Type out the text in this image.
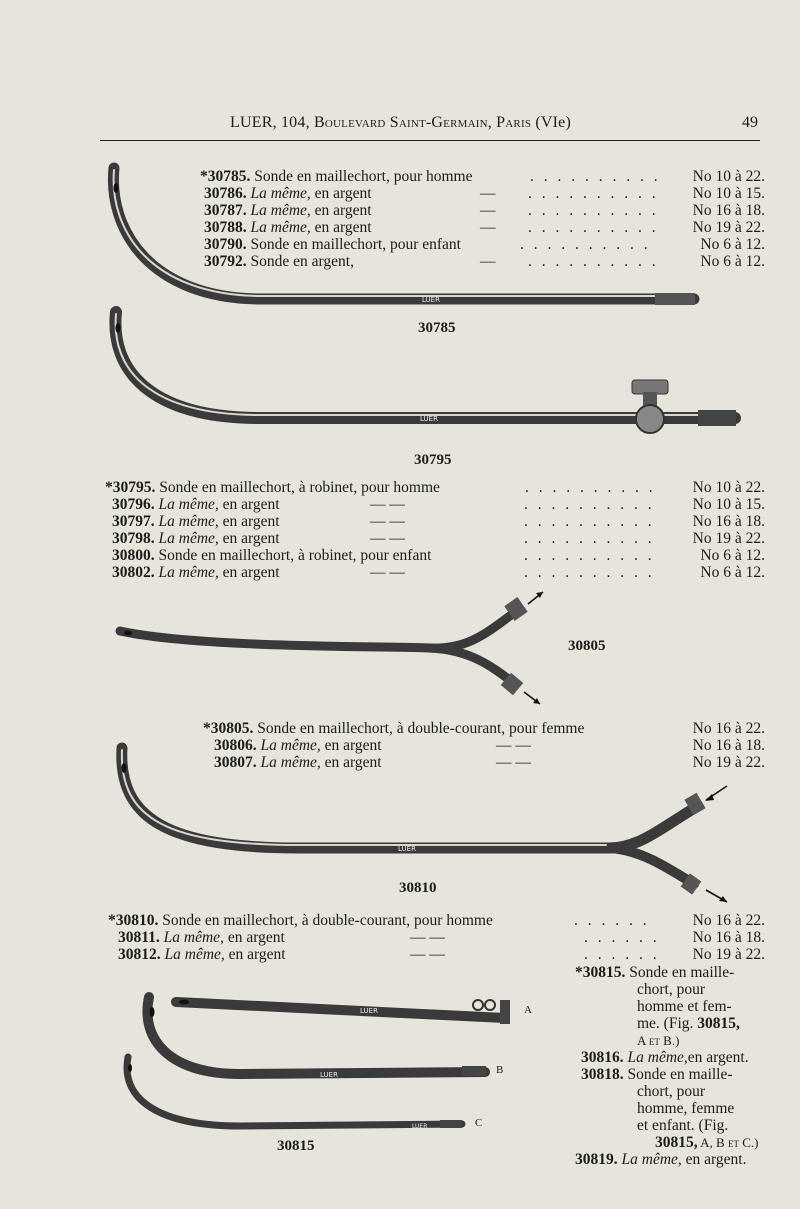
LUER, 104, Boulevard Saint-Germain, Paris (VIe)	49
LUER
LUER
LUER
LUER
LUER
LUER
*30785. Sonde en maillechort, pour homme	. . . . . . . . . .	No 10 à 22.
30786. La même, en argent	— . . . . . . . . . .	No 10 à 15.
30787. La même, en argent	— . . . . . . . . . .	No 16 à 18.
30788. La même, en argent	— . . . . . . . . . .	No 19 à 22.
30790. Sonde en maillechort, pour enfant	. . . . . . . . . .	No 6 à 12.
30792. Sonde en argent,	— . . . . . . . . . .	No 6 à 12.
30785
30795
*30795. Sonde en maillechort, à robinet, pour homme	. . . . . . . . . .	No 10 à 22.
30796. La même, en argent	— —	. . . . . . . . . .	No 10 à 15.
30797. La même, en argent	— —	. . . . . . . . . .	No 16 à 18.
30798. La même, en argent	— —	. . . . . . . . . .	No 19 à 22.
30800. Sonde en maillechort, à robinet, pour enfant	. . . . . . . . . .	No 6 à 12.
30802. La même, en argent	— —	. . . . . . . . . .	No 6 à 12.
30805
*30805. Sonde en maillechort, à double-courant, pour femme	No 16 à 22.
30806. La même, en argent	— —	No 16 à 18.
30807. La même, en argent	— —	No 19 à 22.
30810
*30810. Sonde en maillechort, à double-courant, pour homme	. . . . . .	No 16 à 22.
30811. La même, en argent	— —	. . . . . .	No 16 à 18.
30812. La même, en argent	— —	. . . . . .	No 19 à 22.
*30815. Sonde en maille-
chort, pour
homme et fem-
me. (Fig. 30815,
A et B.)
30816. La même,en argent.
30818. Sonde en maille-
chort, pour
homme, femme
et enfant. (Fig.
30815, A, B et C.)
30819. La même, en argent.
A
B
C
30815
